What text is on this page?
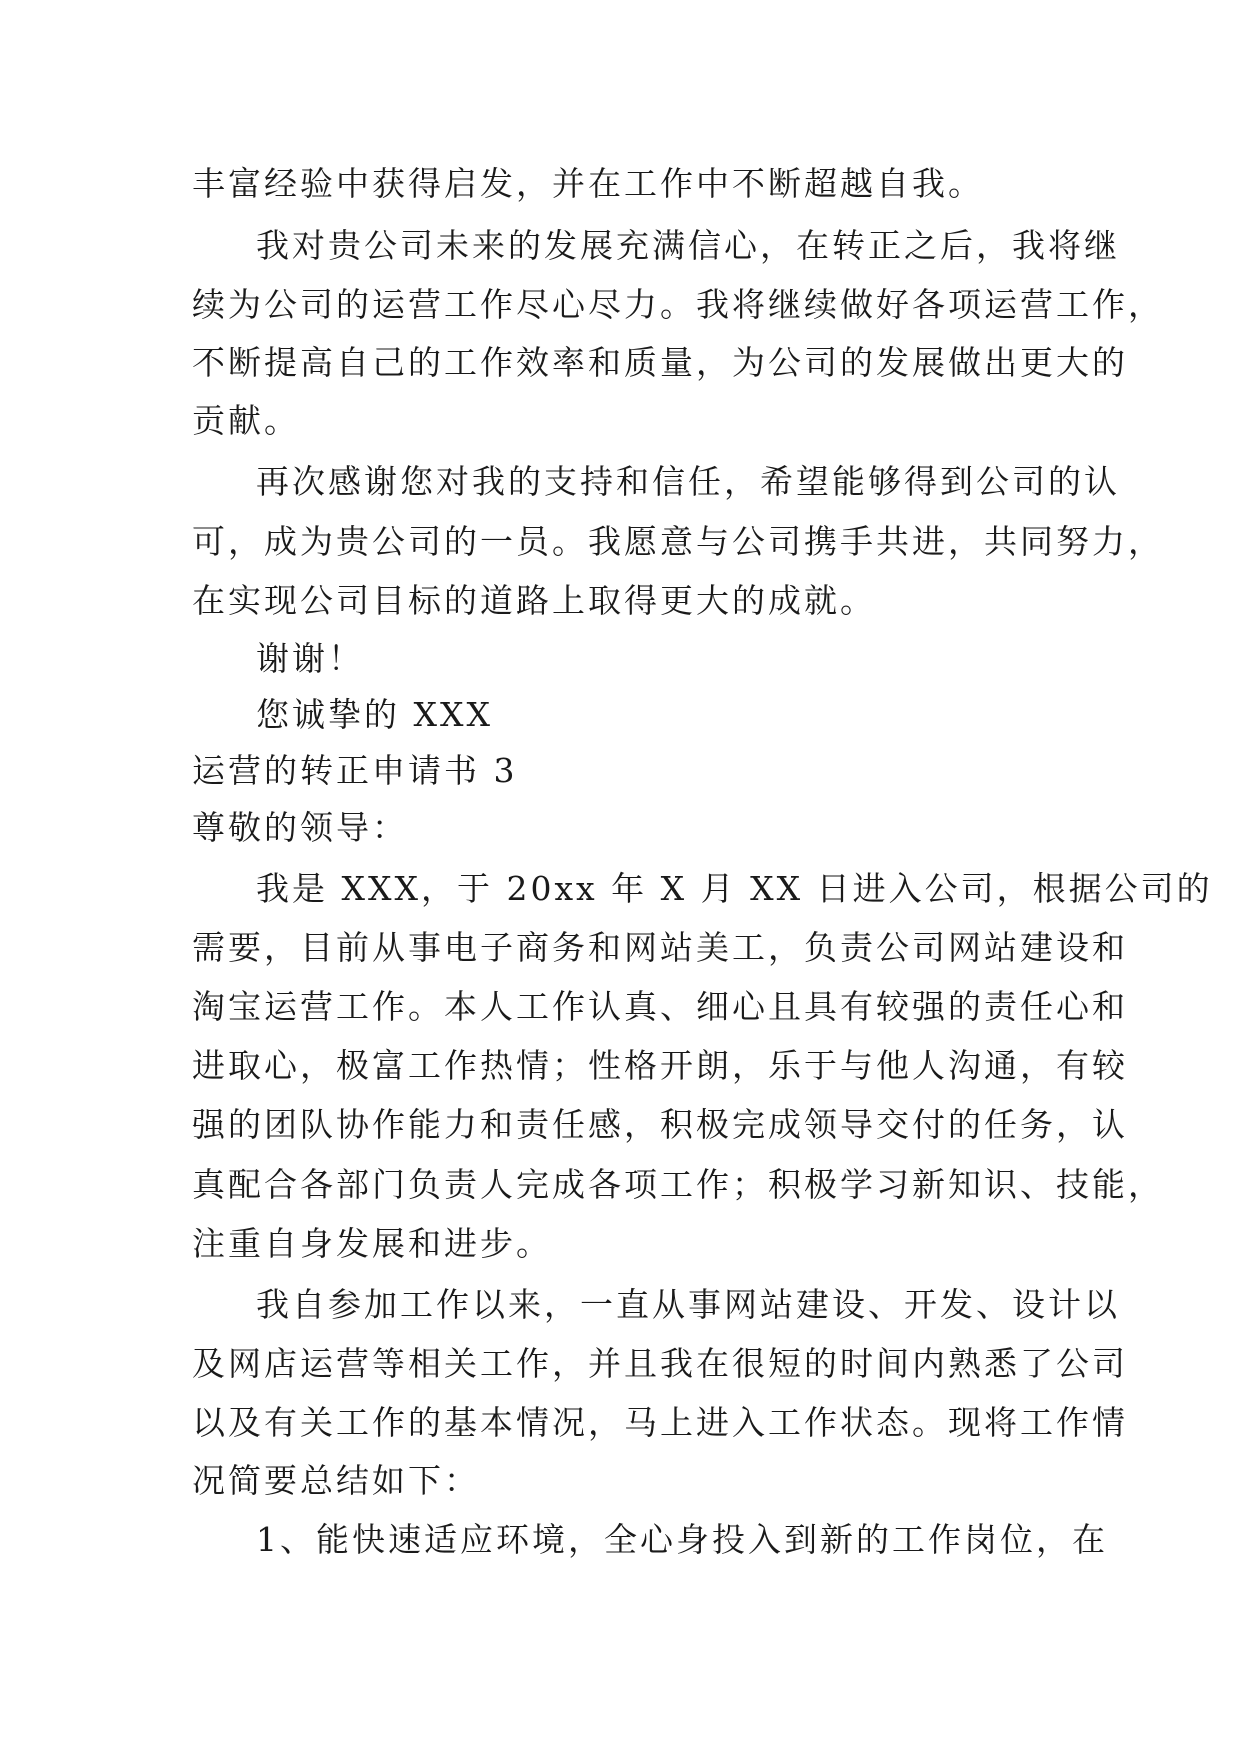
丰富经验中获得启发，并在工作中不断超越自我。
我对贵公司未来的发展充满信心，在转正之后，我将继
续为公司的运营工作尽心尽力。我将继续做好各项运营工作，
不断提高自己的工作效率和质量，为公司的发展做出更大的
贡献。
再次感谢您对我的支持和信任，希望能够得到公司的认
可，成为贵公司的一员。我愿意与公司携手共进，共同努力，
在实现公司目标的道路上取得更大的成就。
谢谢！
您诚挚的 XXX
运营的转正申请书 3
尊敬的领导：
我是 XXX，于 20xx 年 X 月 XX 日进入公司，根据公司的
需要，目前从事电子商务和网站美工，负责公司网站建设和
淘宝运营工作。本人工作认真、细心且具有较强的责任心和
进取心，极富工作热情；性格开朗，乐于与他人沟通，有较
强的团队协作能力和责任感，积极完成领导交付的任务，认
真配合各部门负责人完成各项工作；积极学习新知识、技能，
注重自身发展和进步。
我自参加工作以来，一直从事网站建设、开发、设计以
及网店运营等相关工作，并且我在很短的时间内熟悉了公司
以及有关工作的基本情况，马上进入工作状态。现将工作情
况简要总结如下：
1、能快速适应环境，全心身投入到新的工作岗位，在
